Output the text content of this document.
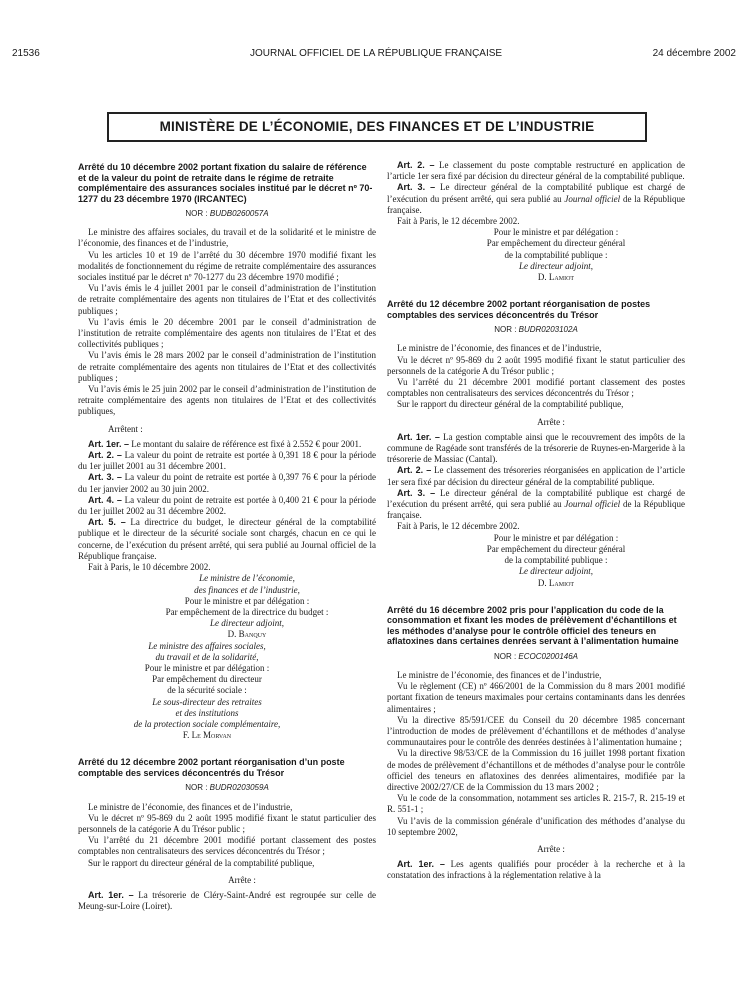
21536	JOURNAL OFFICIEL DE LA RÉPUBLIQUE FRANÇAISE	24 décembre 2002
MINISTÈRE DE L’ÉCONOMIE, DES FINANCES ET DE L’INDUSTRIE

Arrêté du 10 décembre 2002 portant fixation du salaire de référence et de la valeur du point de retraite dans le régime de retraite complémentaire des assurances sociales institué par le décret nº 70-1277 du 23 décembre 1970 (IRCANTEC)

NOR : BUDB0260057A

Le ministre des affaires sociales, du travail et de la solidarité et le ministre de l’économie, des finances et de l’industrie,

Vu les articles 10 et 19 de l’arrêté du 30 décembre 1970 modifié fixant les modalités de fonctionnement du régime de retraite complémentaire des assurances sociales institué par le décret nº 70-1277 du 23 décembre 1970 modifié ;

Vu l’avis émis le 4 juillet 2001 par le conseil d’administration de l’institution de retraite complémentaire des agents non titulaires de l’Etat et des collectivités publiques ;

Vu l’avis émis le 20 décembre 2001 par le conseil d’administration de l’institution de retraite complémentaire des agents non titulaires de l’Etat et des collectivités publiques ;

Vu l’avis émis le 28 mars 2002 par le conseil d’administration de l’institution de retraite complémentaire des agents non titulaires de l’Etat et des collectivités publiques ;

Vu l’avis émis le 25 juin 2002 par le conseil d’administration de l’institution de retraite complémentaire des agents non titulaires de l’Etat et des collectivités publiques,

Arrêtent :

Art. 1er. – Le montant du salaire de référence est fixé à 2.552 € pour 2001.

Art. 2. – La valeur du point de retraite est portée à 0,391 18 € pour la période du 1er juillet 2001 au 31 décembre 2001.

Art. 3. – La valeur du point de retraite est portée à 0,397 76 € pour la période du 1er janvier 2002 au 30 juin 2002.

Art. 4. – La valeur du point de retraite est portée à 0,400 21 € pour la période du 1er juillet 2002 au 31 décembre 2002.

Art. 5. – La directrice du budget, le directeur général de la comptabilité publique et le directeur de la sécurité sociale sont chargés, chacun en ce qui le concerne, de l’exécution du présent arrêté, qui sera publié au Journal officiel de la République française.

Fait à Paris, le 10 décembre 2002.

Le ministre de l’économie,

des finances et de l’industrie,

Pour le ministre et par délégation :

Par empêchement de la directrice du budget :

Le directeur adjoint,

D. Banquy

Le ministre des affaires sociales,

du travail et de la solidarité,

Pour le ministre et par délégation :

Par empêchement du directeur

de la sécurité sociale :

Le sous-directeur des retraites

et des institutions

de la protection sociale complémentaire,

F. Le Morvan

Arrêté du 12 décembre 2002 portant réorganisation d’un poste comptable des services déconcentrés du Trésor

NOR : BUDR0203059A

Le ministre de l’économie, des finances et de l’industrie,

Vu le décret nº 95-869 du 2 août 1995 modifié fixant le statut particulier des personnels de la catégorie A du Trésor public ;

Vu l’arrêté du 21 décembre 2001 modifié portant classement des postes comptables non centralisateurs des services déconcentrés du Trésor ;

Sur le rapport du directeur général de la comptabilité publique,

Arrête :

Art. 1er. – La trésorerie de Cléry-Saint-André est regroupée sur celle de Meung-sur-Loire (Loiret).

Art. 2. – Le classement du poste comptable restructuré en application de l’article 1er sera fixé par décision du directeur général de la comptabilité publique.

Art. 3. – Le directeur général de la comptabilité publique est chargé de l’exécution du présent arrêté, qui sera publié au Journal officiel de la République française.

Fait à Paris, le 12 décembre 2002.

Pour le ministre et par délégation :

Par empêchement du directeur général

de la comptabilité publique :

Le directeur adjoint,

D. Lamiot

Arrêté du 12 décembre 2002 portant réorganisation de postes comptables des services déconcentrés du Trésor

NOR : BUDR0203102A

Le ministre de l’économie, des finances et de l’industrie,

Vu le décret nº 95-869 du 2 août 1995 modifié fixant le statut particulier des personnels de la catégorie A du Trésor public ;

Vu l’arrêté du 21 décembre 2001 modifié portant classement des postes comptables non centralisateurs des services déconcentrés du Trésor ;

Sur le rapport du directeur général de la comptabilité publique,

Arrête :

Art. 1er. – La gestion comptable ainsi que le recouvrement des impôts de la commune de Ragéade sont transférés de la trésorerie de Ruynes-en-Margeride à la trésorerie de Massiac (Cantal).

Art. 2. – Le classement des trésoreries réorganisées en application de l’article 1er sera fixé par décision du directeur général de la comptabilité publique.

Art. 3. – Le directeur général de la comptabilité publique est chargé de l’exécution du présent arrêté, qui sera publié au Journal officiel de la République française.

Fait à Paris, le 12 décembre 2002.

Pour le ministre et par délégation :

Par empêchement du directeur général

de la comptabilité publique :

Le directeur adjoint,

D. Lamiot

Arrêté du 16 décembre 2002 pris pour l’application du code de la consommation et fixant les modes de prélèvement d’échantillons et les méthodes d’analyse pour le contrôle officiel des teneurs en aflatoxines dans certaines denrées servant à l’alimentation humaine

NOR : ECOC0200146A

Le ministre de l’économie, des finances et de l’industrie,

Vu le règlement (CE) nº 466/2001 de la Commission du 8 mars 2001 modifié portant fixation de teneurs maximales pour certains contaminants dans les denrées alimentaires ;

Vu la directive 85/591/CEE du Conseil du 20 décembre 1985 concernant l’introduction de modes de prélèvement d’échantillons et de méthodes d’analyse communautaires pour le contrôle des denrées destinées à l’alimentation humaine ;

Vu la directive 98/53/CE de la Commission du 16 juillet 1998 portant fixation de modes de prélèvement d’échantillons et de méthodes d’analyse pour le contrôle officiel des teneurs en aflatoxines des denrées alimentaires, modifiée par la directive 2002/27/CE de la Commission du 13 mars 2002 ;

Vu le code de la consommation, notamment ses articles R. 215-7, R. 215-19 et R. 551-1 ;

Vu l’avis de la commission générale d’unification des méthodes d’analyse du 10 septembre 2002,

Arrête :

Art. 1er. – Les agents qualifiés pour procéder à la recherche et à la constatation des infractions à la réglementation relative à la
